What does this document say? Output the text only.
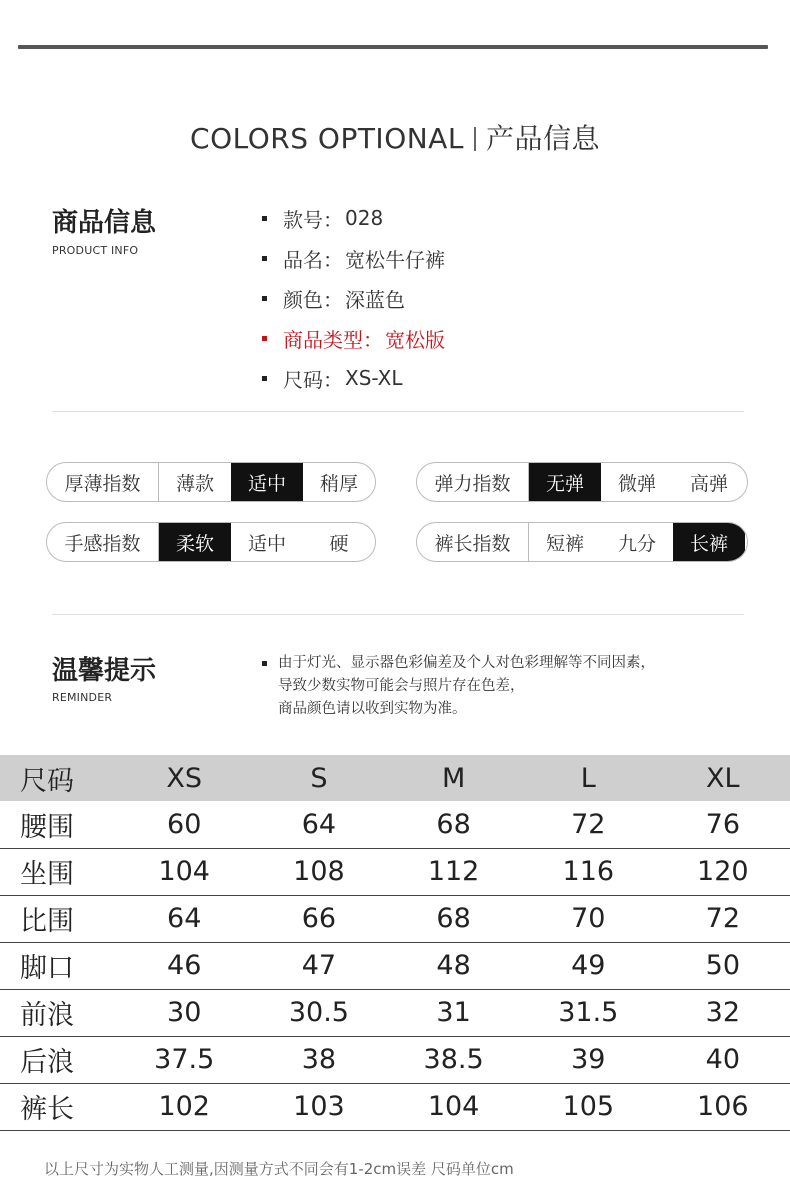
COLORS OPTIONAL 产品信息
商品信息
PRODUCT INFO
款号： 028
品名： 宽松牛仔裤
颜色： 深蓝色
商品类型： 宽松版
尺码： XS-XL
厚薄指数	薄款	适中	稍厚	弹力指数	无弹	微弹	高弹
手感指数	柔软	适中	硬	裤长指数	短裤	九分	长裤
温馨提示
REMINDER
由于灯光、显示器色彩偏差及个人对色彩理解等不同因素，
导致少数实物可能会与照片存在色差，
商品颜色请以收到实物为准。
尺码	XS	S	M	L	XL
腰围	60	64	68	72	76
坐围	104	108	112	116	120
比围	64	66	68	70	72
脚口	46	47	48	49	50
前浪	30	30.5	31	31.5	32
后浪	37.5	38	38.5	39	40
裤长	102	103	104	105	106
以上尺寸为实物人工测量,因测量方式不同会有1-2cm误差 尺码单位cm
